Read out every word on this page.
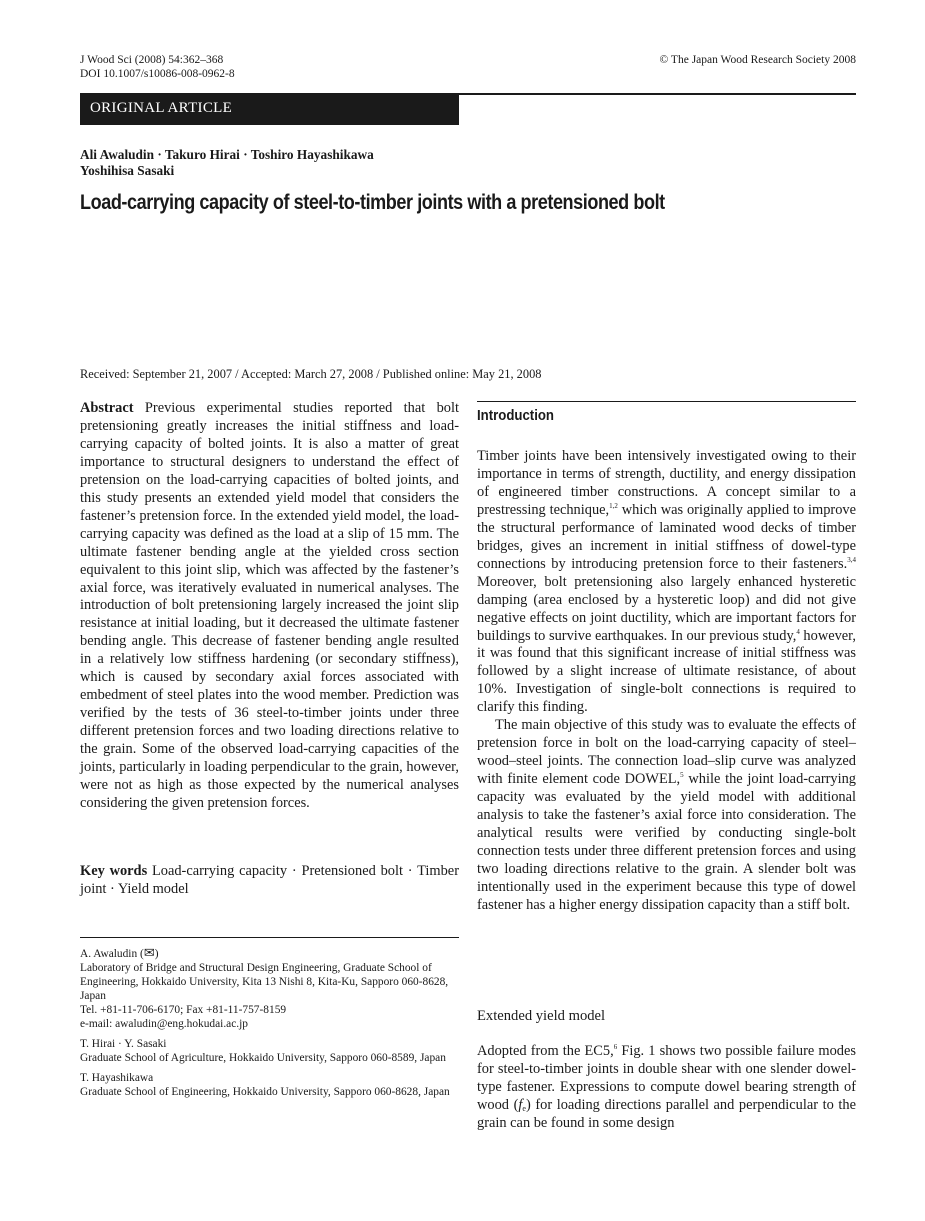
J Wood Sci (2008) 54:362–368
DOI 10.1007/s10086-008-0962-8
© The Japan Wood Research Society 2008
ORIGINAL ARTICLE
Ali Awaludin · Takuro Hirai · Toshiro Hayashikawa
Yoshihisa Sasaki
Load-carrying capacity of steel-to-timber joints with a pretensioned bolt
Received: September 21, 2007 / Accepted: March 27, 2008 / Published online: May 21, 2008
Abstract Previous experimental studies reported that bolt pretensioning greatly increases the initial stiffness and load-carrying capacity of bolted joints. It is also a matter of great importance to structural designers to understand the effect of pretension on the load-carrying capacities of bolted joints, and this study presents an extended yield model that considers the fastener’s pretension force. In the extended yield model, the load-carrying capacity was defined as the load at a slip of 15 mm. The ultimate fastener bending angle at the yielded cross section equivalent to this joint slip, which was affected by the fastener’s axial force, was iteratively evaluated in numerical analyses. The introduction of bolt pretensioning largely increased the joint slip resistance at initial loading, but it decreased the ultimate fastener bending angle. This decrease of fastener bending angle resulted in a relatively low stiffness hardening (or secondary stiffness), which is caused by secondary axial forces associated with embedment of steel plates into the wood member. Prediction was verified by the tests of 36 steel-to-timber joints under three different pretension forces and two loading directions relative to the grain. Some of the observed load-carrying capacities of the joints, particularly in loading perpendicular to the grain, however, were not as high as those expected by the numerical analyses considering the given pretension forces.
Key words Load-carrying capacity · Pretensioned bolt · Timber joint · Yield model
A. Awaludin (✉)
Laboratory of Bridge and Structural Design Engineering, Graduate School of Engineering, Hokkaido University, Kita 13 Nishi 8, Kita-Ku, Sapporo 060-8628, Japan
Tel. +81-11-706-6170; Fax +81-11-757-8159
e-mail: awaludin@eng.hokudai.ac.jp
T. Hirai · Y. Sasaki
Graduate School of Agriculture, Hokkaido University, Sapporo 060-8589, Japan
T. Hayashikawa
Graduate School of Engineering, Hokkaido University, Sapporo 060-8628, Japan
Introduction

Timber joints have been intensively investigated owing to their importance in terms of strength, ductility, and energy dissipation of engineered timber constructions. A concept similar to a prestressing technique,$^{1,2}$ which was originally applied to improve the structural performance of laminated wood decks of timber bridges, gives an increment in initial stiffness of dowel-type connections by introducing pretension force to their fasteners.$^{3,4}$ Moreover, bolt pretensioning also largely enhanced hysteretic damping (area enclosed by a hysteretic loop) and did not give negative effects on joint ductility, which are important factors for buildings to survive earthquakes. In our previous study,$^4$ however, it was found that this significant increase of initial stiffness was followed by a slight increase of ultimate resistance, of about 10%. Investigation of single-bolt connections is required to clarify this finding.

The main objective of this study was to evaluate the effects of pretension force in bolt on the load-carrying capacity of steel–wood–steel joints. The connection load–slip curve was analyzed with finite element code DOWEL,$^5$ while the joint load-carrying capacity was evaluated by the yield model with additional analysis to take the fastener’s axial force into consideration. The analytical results were verified by conducting single-bolt connection tests under three different pretension forces and using two loading directions relative to the grain. A slender bolt was intentionally used in the experiment because this type of dowel fastener has a higher energy dissipation capacity than a stiff bolt.

Extended yield model
Adopted from the EC5,$^6$ Fig. 1 shows two possible failure modes for steel-to-timber joints in double shear with one slender dowel-type fastener. Expressions to compute dowel bearing strength of wood $(f_e)$ for loading directions parallel and perpendicular to the grain can be found in some design
